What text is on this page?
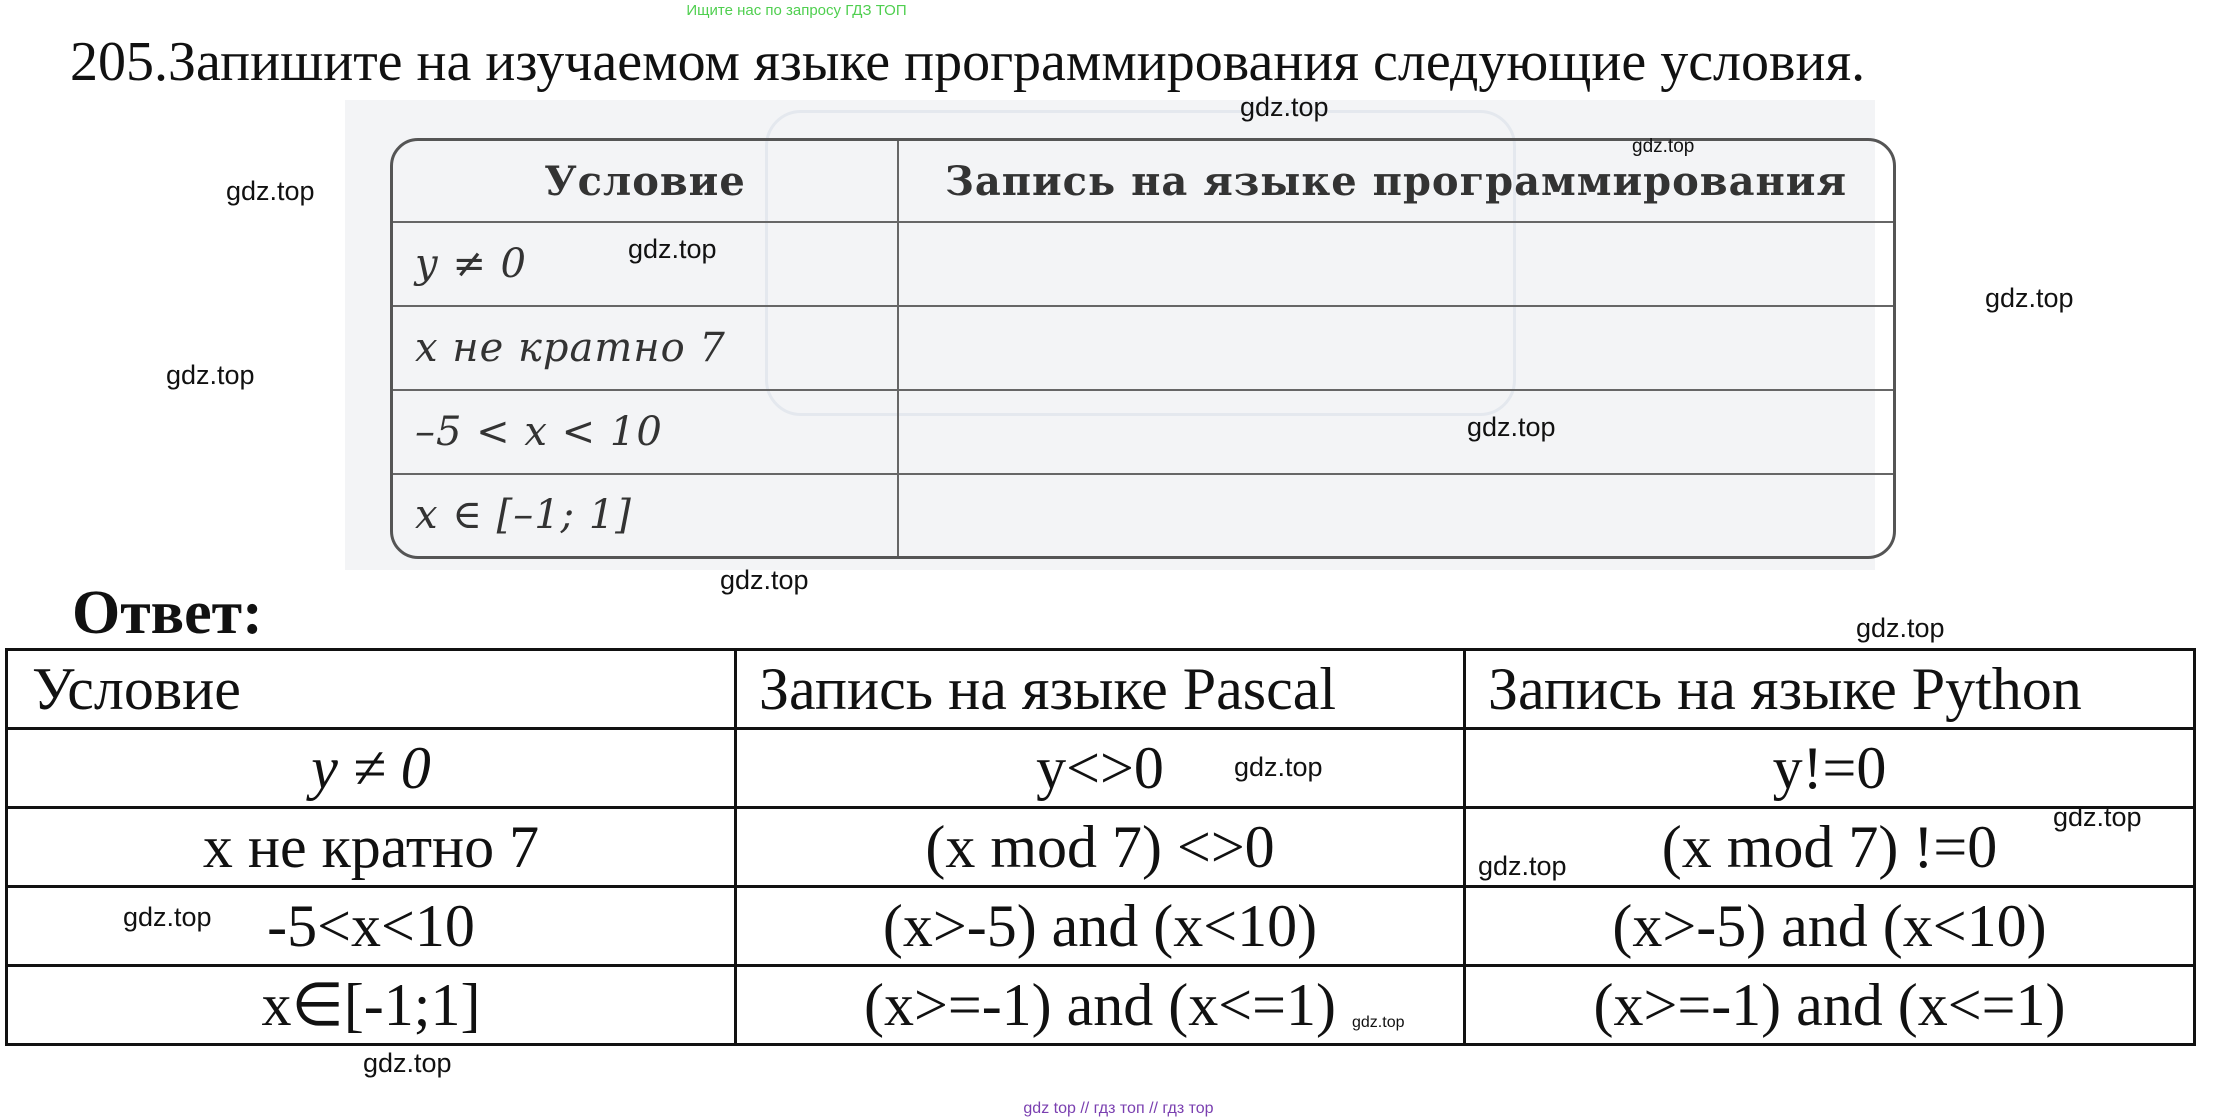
Ищите нас по запросу ГДЗ ТОП
205.Запишите на изучаемом языке программирования следующие условия.
Условие	Запись на языке программирования
y ≠ 0	
x не кратно 7	
–5 < x < 10	
x ∈ [–1; 1]	
Ответ:
Условие	Запись на языке Pascal	Запись на языке Python
y ≠ 0	y<>0	y!=0
x не кратно 7	(x mod 7) <>0	(x mod 7) !=0
-5<x<10	(x>-5) and (x<10)	(x>-5) and (x<10)
x∈[-1;1]	(x>=-1) and (x<=1)	(x>=-1) and (x<=1)
gdz.top
gdz.top
gdz.top
gdz.top
gdz.top
gdz.top
gdz.top
gdz.top
gdz.top
gdz.top
gdz.top
gdz.top
gdz.top
gdz.top
gdz.top
gdz top // гдз топ // гдз тор
